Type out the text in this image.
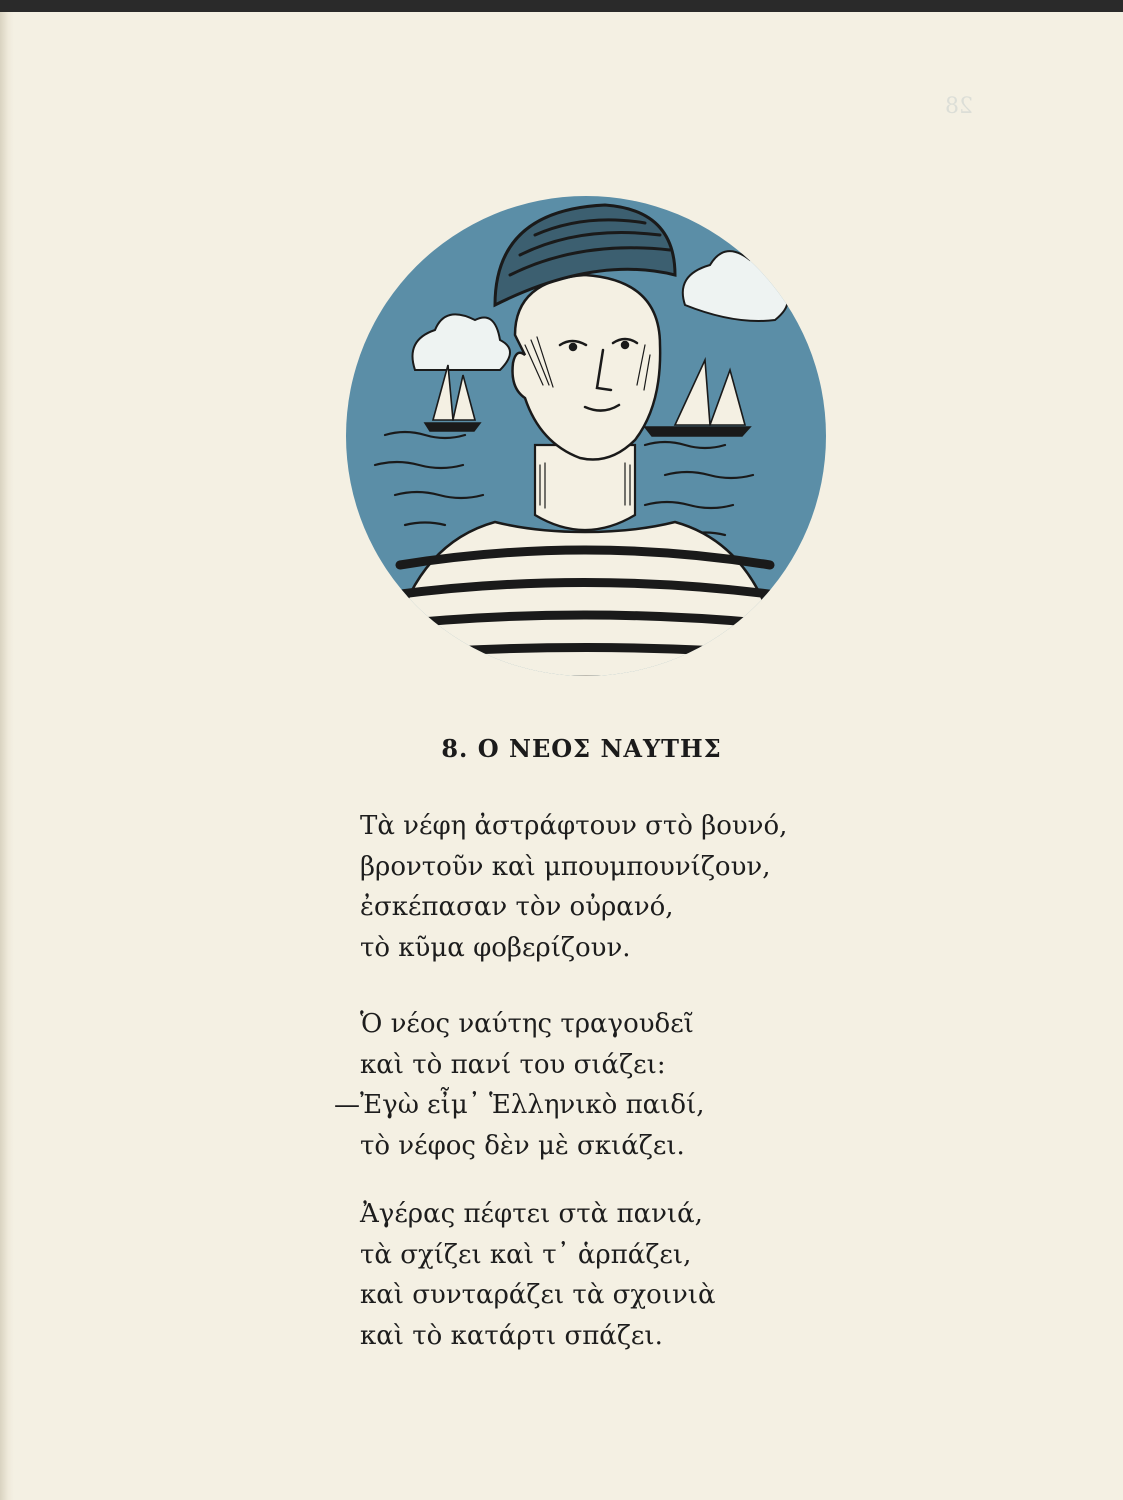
28
8. Ο ΝΕΟΣ ΝΑΥΤΗΣ
Τὰ νέφη ἀστράφτουν στὸ βουνό,
βροντοῦν καὶ μπουμπουνίζουν,
ἐσκέπασαν τὸν οὐρανό,
τὸ κῦμα φοβερίζουν.
Ὁ νέος ναύτης τραγουδεῖ
καὶ τὸ πανί του σιάζει:
—Ἐγὼ εἶμ᾽ Ἑλληνικὸ παιδί,
τὸ νέφος δὲν μὲ σκιάζει.
Ἀγέρας πέφτει στὰ πανιά,
τὰ σχίζει καὶ τ᾽ ἁρπάζει,
καὶ συνταράζει τὰ σχοινιὰ
καὶ τὸ κατάρτι σπάζει.
